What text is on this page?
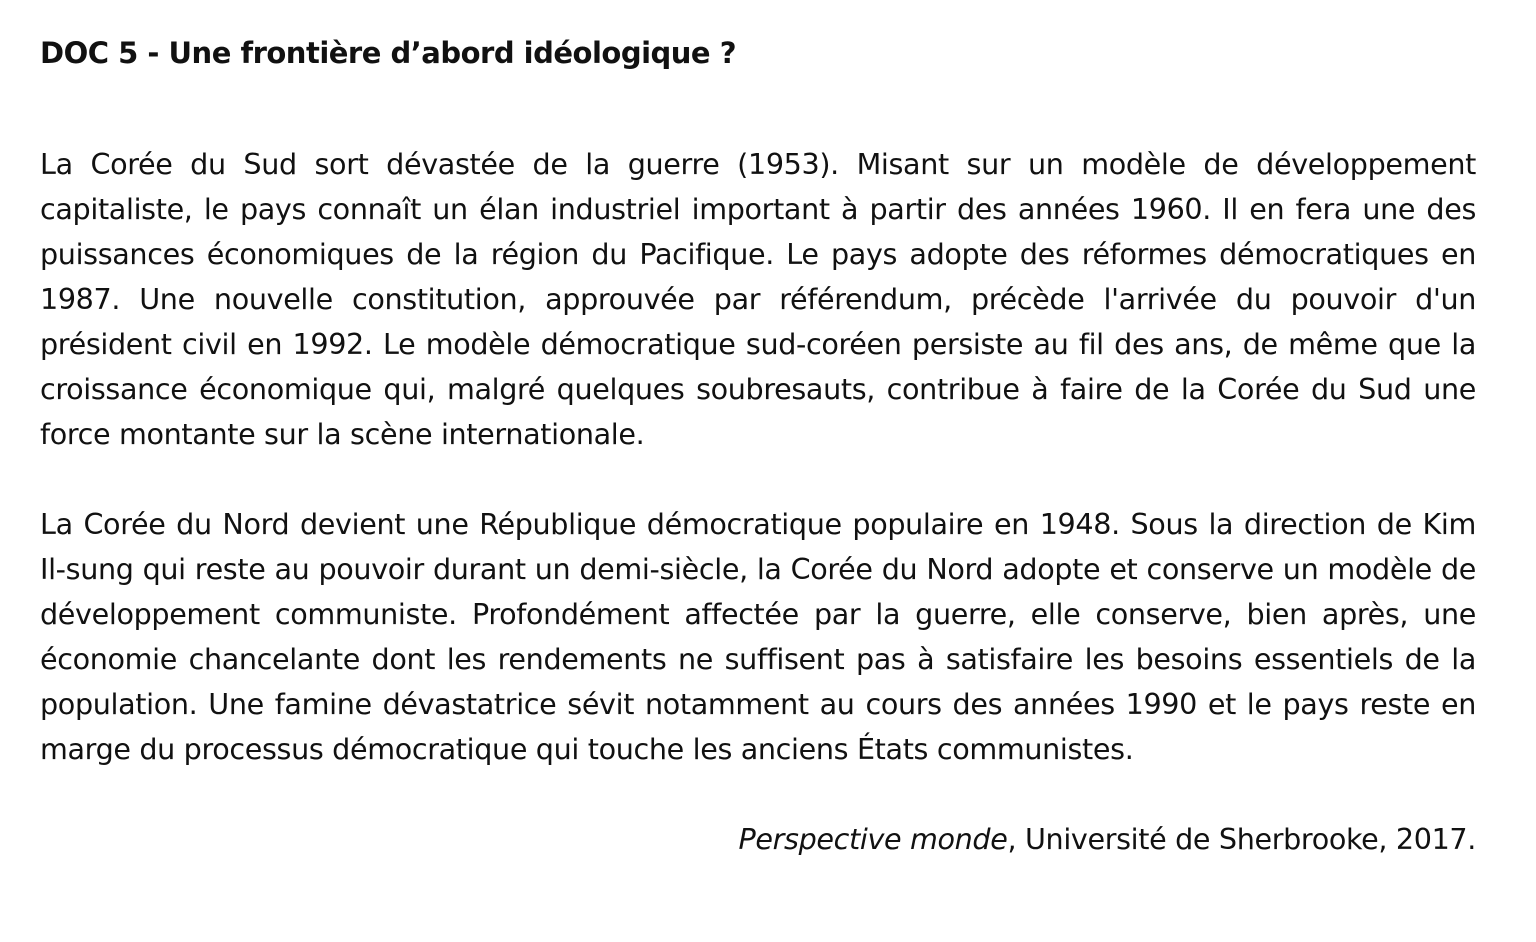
DOC 5 - Une frontière d’abord idéologique ?

La Corée du Sud sort dévastée de la guerre (1953). Misant sur un modèle de développement capitaliste, le pays connaît un élan industriel important à partir des années 1960. Il en fera une des puissances économiques de la région du Pacifique. Le pays adopte des réformes démocratiques en 1987. Une nouvelle constitution, approuvée par référendum, précède l'arrivée du pouvoir d'un président civil en 1992. Le modèle démocratique sud-coréen persiste au fil des ans, de même que la croissance économique qui, malgré quelques soubresauts, contribue à faire de la Corée du Sud une force montante sur la scène internationale.

La Corée du Nord devient une République démocratique populaire en 1948. Sous la direction de Kim Il-sung qui reste au pouvoir durant un demi-siècle, la Corée du Nord adopte et conserve un modèle de développement communiste. Profondément affectée par la guerre, elle conserve, bien après, une économie chancelante dont les rendements ne suffisent pas à satisfaire les besoins essentiels de la population. Une famine dévastatrice sévit notamment au cours des années 1990 et le pays reste en marge du processus démocratique qui touche les anciens États communistes.

Perspective monde, Université de Sherbrooke, 2017.
